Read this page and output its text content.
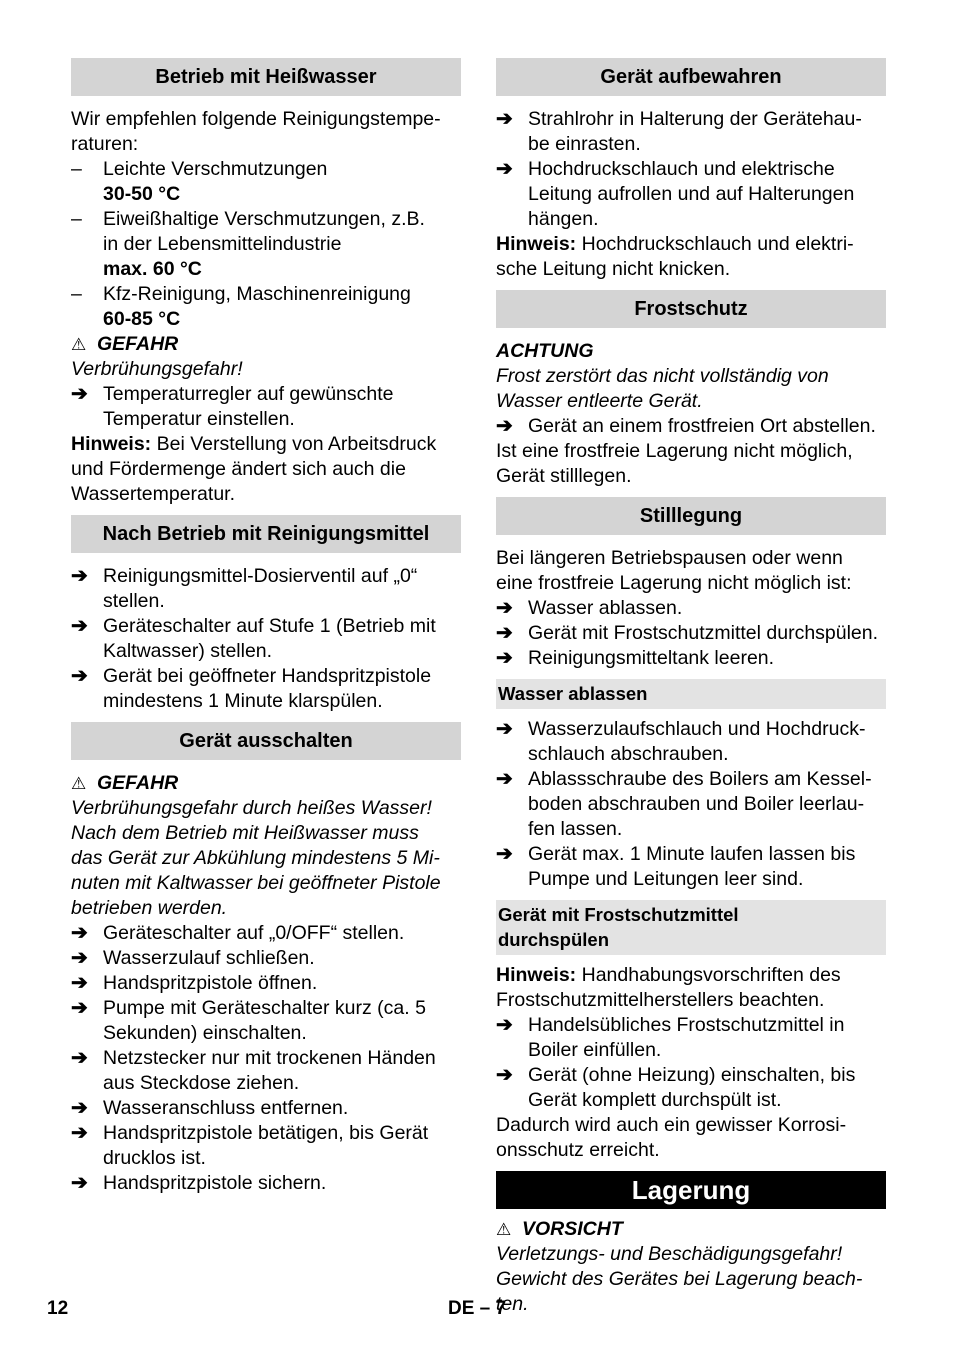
Betrieb mit Heißwasser
Wir empfehlen folgende Reinigungstempe-
raturen:
–	Leichte Verschmutzungen
30-50 °C
–	Eiweißhaltige Verschmutzungen, z.B.
in der Lebensmittelindustrie
max. 60 °C
–	Kfz-Reinigung, Maschinenreinigung
60-85 °C
⚠ GEFAHR
Verbrühungsgefahr!
➔ Temperaturregler auf gewünschte
Temperatur einstellen.
Hinweis: Bei Verstellung von Arbeitsdruck
und Fördermenge ändert sich auch die
Wassertemperatur.
Nach Betrieb mit Reinigungsmittel
➔ Reinigungsmittel-Dosierventil auf „0“
stellen.
➔ Geräteschalter auf Stufe 1 (Betrieb mit
Kaltwasser) stellen.
➔ Gerät bei geöffneter Handspritzpistole
mindestens 1 Minute klarspülen.
Gerät ausschalten
⚠ GEFAHR
Verbrühungsgefahr durch heißes Wasser!
Nach dem Betrieb mit Heißwasser muss
das Gerät zur Abkühlung mindestens 5 Mi-
nuten mit Kaltwasser bei geöffneter Pistole
betrieben werden.
➔ Geräteschalter auf „0/OFF“ stellen.
➔ Wasserzulauf schließen.
➔ Handspritzpistole öffnen.
➔ Pumpe mit Geräteschalter kurz (ca. 5
Sekunden) einschalten.
➔ Netzstecker nur mit trockenen Händen
aus Steckdose ziehen.
➔ Wasseranschluss entfernen.
➔ Handspritzpistole betätigen, bis Gerät
drucklos ist.
➔ Handspritzpistole sichern.
Gerät aufbewahren
➔ Strahlrohr in Halterung der Gerätehau-
be einrasten.
➔ Hochdruckschlauch und elektrische
Leitung aufrollen und auf Halterungen
hängen.
Hinweis: Hochdruckschlauch und elektri-
sche Leitung nicht knicken.
Frostschutz
ACHTUNG
Frost zerstört das nicht vollständig von
Wasser entleerte Gerät.
➔ Gerät an einem frostfreien Ort abstellen.
Ist eine frostfreie Lagerung nicht möglich,
Gerät stilllegen.
Stilllegung
Bei längeren Betriebspausen oder wenn
eine frostfreie Lagerung nicht möglich ist:
➔ Wasser ablassen.
➔ Gerät mit Frostschutzmittel durchspülen.
➔ Reinigungsmitteltank leeren.
Wasser ablassen
➔ Wasserzulaufschlauch und Hochdruck-
schlauch abschrauben.
➔ Ablassschraube des Boilers am Kessel-
boden abschrauben und Boiler leerlau-
fen lassen.
➔ Gerät max. 1 Minute laufen lassen bis
Pumpe und Leitungen leer sind.
Gerät mit Frostschutzmittel
durchspülen
Hinweis: Handhabungsvorschriften des
Frostschutzmittelherstellers beachten.
➔ Handelsübliches Frostschutzmittel in
Boiler einfüllen.
➔ Gerät (ohne Heizung) einschalten, bis
Gerät komplett durchspült ist.
Dadurch wird auch ein gewisser Korrosi-
onsschutz erreicht.
Lagerung
⚠ VORSICHT
Verletzungs- und Beschädigungsgefahr!
Gewicht des Gerätes bei Lagerung beach-
ten.
12	DE – 7
